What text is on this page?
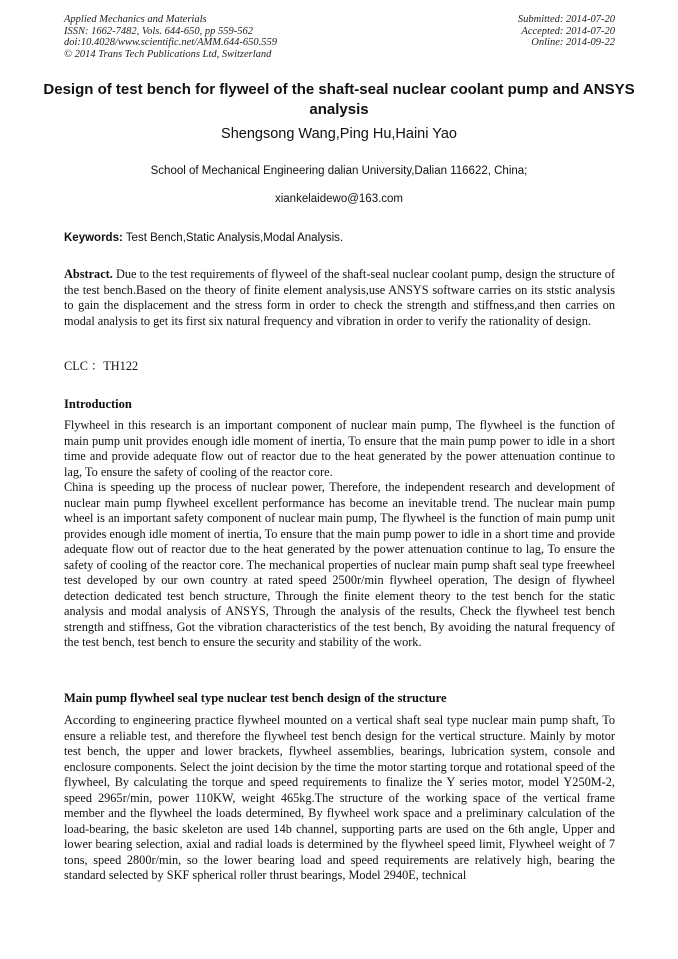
Applied Mechanics and Materials
ISSN: 1662-7482, Vols. 644-650, pp 559-562
doi:10.4028/www.scientific.net/AMM.644-650.559
© 2014 Trans Tech Publications Ltd, Switzerland
Submitted: 2014-07-20
Accepted: 2014-07-20
Online: 2014-09-22
Design of test bench for flyweel of the shaft-seal nuclear coolant pump and ANSYS analysis
Shengsong Wang,Ping Hu,Haini Yao
School of Mechanical Engineering dalian University,Dalian 116622, China;
xiankelaidewo@163.com
Keywords: Test Bench,Static Analysis,Modal Analysis.

Abstract. Due to the test requirements of flyweel of the shaft-seal nuclear coolant pump, design the structure of the test bench.Based on the theory of finite element analysis,use ANSYS software carries on its ststic analysis to gain the displacement and the stress form in order to check the strength and stiffness,and then carries on modal analysis to get its first six natural frequency and vibration in order to verify the rationality of design.

CLC ：TH122
Introduction

Flywheel in this research is an important component of nuclear main pump, The flywheel is the function of main pump unit provides enough idle moment of inertia, To ensure that the main pump power to idle in a short time and provide adequate flow out of reactor due to the heat generated by the power attenuation continue to lag, To ensure the safety of cooling of the reactor core.

China is speeding up the process of nuclear power, Therefore, the independent research and development of nuclear main pump flywheel excellent performance has become an inevitable trend. The nuclear main pump wheel is an important safety component of nuclear main pump, The flywheel is the function of main pump unit provides enough idle moment of inertia, To ensure that the main pump power to idle in a short time and provide adequate flow out of reactor due to the heat generated by the power attenuation continue to lag, To ensure the safety of cooling of the reactor core. The mechanical properties of nuclear main pump shaft seal type freewheel test developed by our own country at rated speed 2500r/min flywheel operation, The design of flywheel detection dedicated test bench structure, Through the finite element theory to the test bench for the static analysis and modal analysis of ANSYS, Through the analysis of the results, Check the flywheel test bench strength and stiffness, Got the vibration characteristics of the test bench, By avoiding the natural frequency of the test bench, test bench to ensure the security and stability of the work.

Main pump flywheel seal type nuclear test bench design of the structure

According to engineering practice flywheel mounted on a vertical shaft seal type nuclear main pump shaft, To ensure a reliable test, and therefore the flywheel test bench design for the vertical structure. Mainly by motor test bench, the upper and lower brackets, flywheel assemblies, bearings, lubrication system, console and enclosure components. Select the joint decision by the time the motor starting torque and rotational speed of the flywheel, By calculating the torque and speed requirements to finalize the Y series motor, model Y250M-2, speed 2965r/min, power 110KW, weight 465kg.The structure of the working space of the vertical frame member and the flywheel the loads determined, By flywheel work space and a preliminary calculation of the load-bearing, the basic skeleton are used 14b channel, supporting parts are used on the 6th angle, Upper and lower bearing selection, axial and radial loads is determined by the flywheel speed limit, Flywheel weight of 7 tons, speed 2800r/min, so the lower bearing load and speed requirements are relatively high, bearing the standard selected by SKF spherical roller thrust bearings, Model 2940E, technical
